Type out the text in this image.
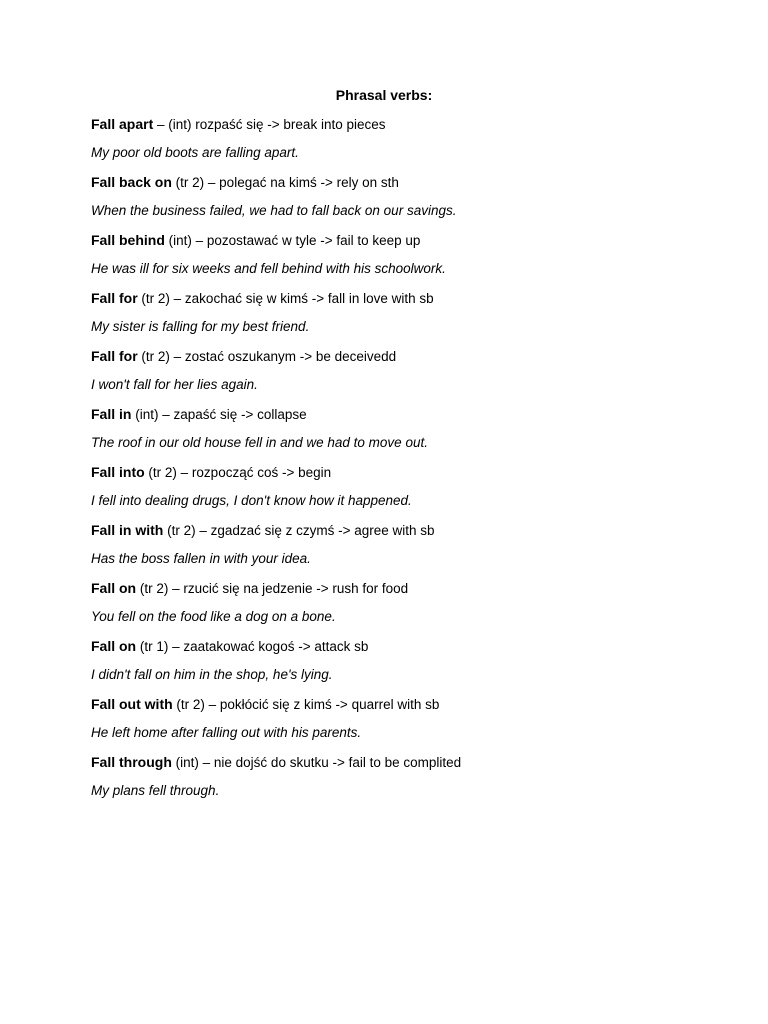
Phrasal verbs:
Fall apart – (int) rozpaść się -> break into pieces
My poor old boots are falling apart.
Fall back on (tr 2) – polegać na kimś -> rely on sth
When the business failed, we had to fall back on our savings.
Fall behind (int) – pozostawać w tyle -> fail to keep up
He was ill for six weeks and fell behind with his schoolwork.
Fall for (tr 2) – zakochać się w kimś -> fall in love with sb
My sister is falling for my best friend.
Fall for (tr 2) – zostać oszukanym -> be deceivedd
I won't fall for her lies again.
Fall in (int) – zapaść się -> collapse
The roof in our old house fell in and we had to move out.
Fall into (tr 2) – rozpocząć coś -> begin
I fell into dealing drugs, I don't know how it happened.
Fall in with (tr 2) – zgadzać się z czymś -> agree with sb
Has the boss fallen in with your idea.
Fall on (tr 2) – rzucić się na jedzenie -> rush for food
You fell on the food like a dog on a bone.
Fall on (tr 1) – zaatakować kogoś -> attack sb
I didn't fall on him in the shop, he's lying.
Fall out with (tr 2) – pokłócić się z kimś -> quarrel with sb
He left home after falling out with his parents.
Fall through (int) – nie dojść do skutku -> fail to be complited
My plans fell through.
